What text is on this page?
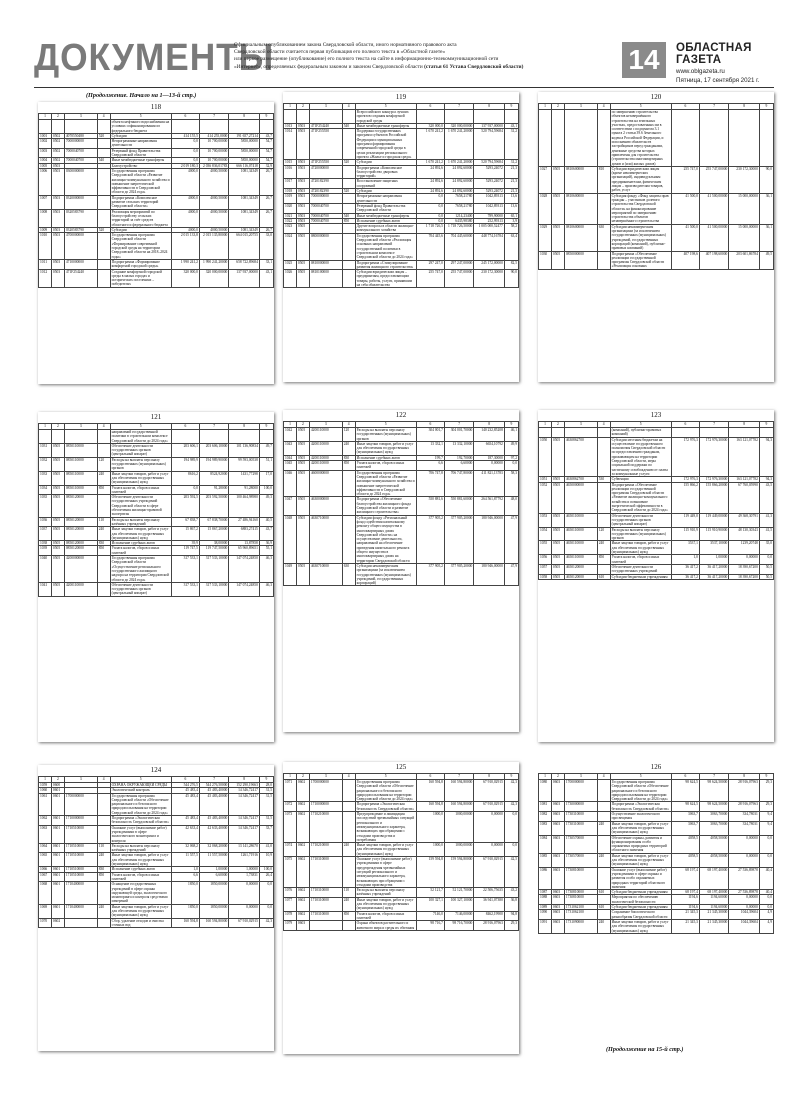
ДОКУМЕНТЫ
Официальным опубликованием закона Свердловской области, иного нормативного правового акта
Свердловской области считается первая публикация его полного текста в «Областной газете»
или первое размещение (опубликование) его полного текста на сайте в информационно-телекоммуникационной сети
«Интернет», определяемых федеральным законом и законом Свердловской области (статья 61 Устава Свердловской области)	14	ОБЛАСТНАЯ ГАЗЕТА
www.oblgazeta.ru
Пятница, 17 сентября 2021 г.
(Продолжение. Начало на 1—13-й стр.)
118
1	2	3	4	5	6	7	8	9
				объекта нефтяного водоснабжения на условиях софинансирования из федерального бюджета				
1001	0502	4070550480	520	Субсидии	414 155,5	414 255,0000	191 657,27214	43,7
1002	0502	7000000000		Непрограммные направления деятельности	0,0	10 700,00000	5850,00000	54,7
1003	0502	7000040700		Резервный фонд Правительства Свердловской области	0,0	10 700,00000	5850,00000	54,7
1004	0502	7000040700	540	Иные межбюджетные трансферты	0,0	10 700,00000	5850,00000	54,7
1005	0503			Благоустройство	2 019 180,3	2 036 836,01783	666 116,07418	32,9
1006	0503	0300000000		Государственная программа Свердловской области «Развитие жилищно-коммунального хозяйства и повышение энергетической эффективности в Свердловской области до 2024 года»	4000,0	4000,50000	1081,34349	26,7
1007	0503	0320000000		Подпрограмма «Комплексное развитие сельских территорий Свердловской области»	4000,0	4000,50000	1081,34349	26,7
1008	0503	0320583790		Реализация мероприятий по благоустройству сельских территорий за счёт средств областного и федерального бюджета	4000,0	4000,50000	1081,34349	26,7
1009	0503	0320583790	520	Субсидии	4000,0	4000,50000	1081,34349	26,7
1010	0503	4700000000		Государственная программа Свердловской области «Формирование современной городской среды на территории Свердловской области на 2018–2024 годы»	2 015 133,8	2 015 135,80000	664 015,20755	33,0
1011	0503	4710000000		Подпрограмма «Формирование комфортной городской среды»	1 990 241,2	1 990 241,20000	658 722,89684	33,1
1012	0503	471F254240		Создание комфортной городской среды в малых городах и исторических поселениях – победителях	320 000,0	320 000,00000	137 937,00000	43,1
119
1	2	3	4	5	6	7	8	9
				Всероссийского конкурса лучших проектов создания комфортной городской среды				
1013	0503	471F254240	540	Иные межбюджетные трансферты	320 000,0	320 000,00000	137 937,00000	43,1
1014	0503	471F255550		Поддержка государственных программ субъектов Российской Федерации и муниципальных программ формирования современной городской среды в целях реализации регионального проекта «Жилье и городская среда»	1 670 241,2	1 670 241,20000	520 794,59684	31,2
1015	0503	471F255550	520	Субсидии	1 670 241,2	1 670 241,20000	520 794,59684	31,2
1016	0503	4720000000		Подпрограмма «Комплексное благоустройство дворовых территорий»	24 892,6	24 892,60000	5293,24072	21,3
1017	0503	4720182390		Восстановление защитных сооружений	24 892,6	24 892,60000	5293,24072	21,3
1018	0503	4720182390	520	Субсидии	24 892,6	24 892,60000	5293,24072	21,3
1019	0503	7000000000		Непрограммные направления деятельности	0,0	7658,21780	1042,89313	13,6
1020	0503	7000040700		Резервный фонд Правительства Свердловской области	0,0	7658,21780	1042,89313	13,6
1021	0503	7000040700	540	Иные межбюджетные трансферты	0,0	1214,23400	789,90000	65,1
1022	0503	7000040700	850	Исполнение судебных актов	0,0	6435,98380	252,99313	3,9
1023	0505			Другие вопросы в области жилищно-коммунального хозяйства	1 718 726,5	1 718 726,50000	1 005 000,52477	58,2
1024	0505	0800000000		Государственная программа Свердловской области «Реализация основных направлений государственной политики в строительном комплексе Свердловской области до 2024 года»	704 445,6	704 445,60000	448 774,16784	63,4
1025	0505	0810000000		Подпрограмма «Стимулирование развития жилищного строительства»	297 247,0	297 247,00000	245 172,00000	82,5
1026	0505	0810100000		Субсидии юридическим лицам – предприятиям, предоставляющим товары, работы, услуги, принявшим на себя обязательства	255 747,0	255 747,00000	230 172,30000	90,0
120
1	2	3	4	5	6	7	8	9
				по завершению строительства объектов незавершённого строительства на земельных участках, предоставленных им в соответствии с подпунктом 3.1 пункта 2 статьи 39.6 Земельного кодекса Российской Федерации, и исполнению обязательств застройщиков перед гражданами, денежные средства которых привлечены для строительства (строительства многоквартирных домов и (или) жилых домов)				
1027	0505	0810600000	810	Субсидии юридическим лицам (кроме некоммерческих организаций), индивидуальным предпринимателям, физическим лицам – производителям товаров, работ, услуг	255 747,0	255 747,00000	230 172,30000	90,0
1028	0505	0810600000		Субсидия фонду «Фонд защиты прав граждан – участников долевого строительства Свердловской области» на финансирование мероприятий по завершению строительства объектов незавершённого строительства	41 500,0	41 500,00000	15 000,00000	36,1
1029	0505	0810600000	630	Субсидии некоммерческим организациям (за исключением государственных (муниципальных) учреждений, государственных корпораций (компаний), публично-правовых компаний)	41 500,0	41 500,00000	15 000,00000	36,1
1030	0505	0850000000		Подпрограмма «Обеспечение реализации государственной программы Свердловской области «Реализация основных	407 198,6	407 198,60000	203 601,86784	49,5
121
1	2	3	4	5	6	7	8	9
				направлений государственной политики в строительном комплексе Свердловской области до 2024 года»				
1031	0505	0850110000		Обеспечение деятельности государственных органов (центральный аппарат)	203 606,1	203 606,10000	101 136,90834	49,7
1032	0505	0850110000	120	Расходы на выплаты персоналу государственных (муниципальных) органов	194 989,9	194 989,90000	99 593,00538	51,1
1033	0505	0850110000	240	Иные закупки товаров, работ и услуг для обеспечения государственных (муниципальных) нужд	8616,2	8524,92000	1431,77298	17,0
1034	0505	0850110000	850	Уплата налогов, сборов и иных платежей	0,0	91,28000	91,28000	100,0
1035	0505	0850120000		Обеспечение деятельности государственных учреждений Свердловской области в сфере обеспечения жилищно-правовой экспертизы	203 592,5	203 592,50000	100 464,98980	49,3
1036	0505	0850120000	110	Расходы на выплаты персоналу казённых учреждений	67 838,7	67 838,70000	27 486,94160	40,5
1037	0505	0850120000	240	Иные закупки товаров, работ и услуг для обеспечения государственных (муниципальных) нужд	15 867,2	15 867,20000	6883,27415	43,7
1038	0505	0850120000	830	Исполнение судебных актов	39,9	38,00000	13,87858	36,9
1039	0505	0850120000	850	Уплата налогов, сборов и иных платежей	119 747,5	119 747,50000	65 960,89651	55,1
1040	0505	4200000000		Государственная программа Свердловской области «Осуществление регионального государственного жилищного надзора на территории Свердловской области до 2024 года»	317 533,1	317 533,10000	147 074,24850	46,3
1041	0505	4200110000		Обеспечение деятельности государственных органов (центральный аппарат)	317 533,1	317 533,10000	147 074,24850	46,3
122
1	2	3	4	5	6	7	8	9
1042	0505	4200110000	120	Расходы на выплаты персоналу государственных (муниципальных) органов	304 001,7	304 001,70000	140 232,85208	46,1
1043	0505	4200110000	240	Иные закупки товаров, работ и услуг для обеспечения государственных (муниципальных) нужд	13 332,1	13 332,10000	6654,10792	49,9
1044	0505	4200110000	830	Исполнение судебных актов	199,7	192,70000	187,30000	97,2
1045	0505	4200110000	850	Уплата налогов, сборов и иных платежей	6,6	6,60000	0,00000	0,0
1046	0505	4600000000		Государственная программа Свердловской области «Развитие жилищно-коммунального хозяйства и повышение энергетической эффективности в Свердловской области до 2024 года»	706 747,8	706 747,80000	411 821,13783	58,3
1047	0505	4630000000		Подпрограмма «Обеспечение благоустройства жилищного фонда Свердловской области и развитие жилищного строительства»	550 881,6	550 881,60000	264 561,87792	48,0
1048	0505	4630710000		Субсидии фонду «Региональный фонд содействия капитальному ремонту общего имущества в многоквартирных домах Свердловской области» на осуществление деятельности, направленной на обеспечение проведения капитального ремонта общего имущества в многоквартирных домах на территории Свердловской области	377 905,2	377 905,20000	180 946,00000	47,9
1049	0505	4630710000	630	Субсидии некоммерческим организациям (за исключением государственных (муниципальных) учреждений, государственных корпораций)	377 905,2	377 905,20000	180 946,00000	47,9
123
1	2	3	4	5	6	7	8	9
				(компаний), публично-правовых компаний)				
1050	0505	4630862700		Субсидии местным бюджетам на осуществление государственного полномочия Свердловской области по предоставлению гражданам, проживающим на территории Свердловской области, меры социальной поддержки по частичному освобождению от платы за коммунальные услуги	172 976,3	172 976,30000	163 121,07782	94,3
1051	0505	4630862700	530	Субвенции	172 976,3	172 976,30000	163 121,07782	94,3
1052	0505	4650000000		Подпрограмма «Обеспечение реализации государственной программы Свердловской области «Развитие жилищно-коммунального хозяйства и повышение энергетической эффективности в Свердловской области до 2024 года»	155 866,2	155 866,20000	67 760,05990	43,5
1053	0505	4650110000		Обеспечение деятельности государственных органов (центральный аппарат)	119 449,0	119 449,00000	49 368,30791	41,3
1054	0505	4650110000	120	Расходы на выплаты персоналу государственных (муниципальных) органов	115 910,9	115 910,90000	48 130,30343	41,5
1055	0505	4650110000	240	Иные закупки товаров, работ и услуг для обеспечения государственных (муниципальных) нужд	3537,1	3537,10000	1239,20748	35,0
1056	0505	4650110000	850	Уплата налогов, сборов и иных платежей	1,0	1,00000	0,00000	0,0
1057	0505	4650120000		Обеспечение деятельности государственных учреждений	36 417,2	36 417,20000	18 390,67200	50,5
1058	0505	4650120000	610	Субсидии бюджетным учреждениям	36 417,2	36 417,20000	18 390,67200	50,5
124
1	2	3	4	5	6	7	8	9
1059	0600			ОХРАНА ОКРУЖАЮЩЕЙ СРЕДЫ	544 276,5	544 276,50000	152 290,19663	28,0
1060	0601			Экологический контроль	45 483,4	45 483,40000	14 346,72417	31,5
1061	0601	1700000000		Государственная программа Свердловской области «Обеспечение рационального и безопасного природопользования на территории Свердловской области до 2024 года»	45 483,4	45 483,40000	14 346,72417	31,5
1062	0601	1710000000		Подпрограмма «Экологическая безопасность Свердловской области»	45 483,4	45 483,40000	14 346,72417	31,5
1063	0601	1710510000		Оказание услуг (выполнение работ) учреждениями в сфере экологического мониторинга и контроля	42 633,4	42 633,40000	14 346,72417	33,7
1064	0601	1710510000	110	Расходы на выплаты персоналу казённых учреждений	32 068,2	32 068,20000	13 141,28670	41,0
1065	0601	1710510000	240	Иные закупки товаров, работ и услуг для обеспечения государственных (муниципальных) нужд	11 557,5	11 557,50000	1261,71916	10,9
1066	0601	1710510000	830	Исполнение судебных актов	1,0	1,00000	1,00000	100,0
1067	0601	1710510000	850	Уплата налогов, сборов и иных платежей	6,6	6,60000	1,73831	26,4
1068	0601	1710400000		Оснащение государственных учреждений в сфере охраны окружающей среды, экологического мониторинга и контроля средствами измерений	1850,0	1850,00000	0,00000	0,0
1069	0601	1710400000	240	Иные закупки товаров, работ и услуг для обеспечения государственных (муниципальных) нужд	1850,0	1850,00000	0,00000	0,0
1070	0602			Сбор, удаление отходов и очистка сточных вод	160 594,8	160 594,80000	67 910,02915	42,3
125
1	2	3	4	5	6	7	8	9
1071	0602	1700000000		Государственная программа Свердловской области «Обеспечение рационального и безопасного природопользования на территории Свердловской области до 2024 года»	160 594,8	160 594,80000	67 910,02915	42,3
1072	0602	1710000000		Подпрограмма «Экологическая безопасность Свердловской области»	160 594,8	160 594,80000	67 910,02915	42,3
1073	0602	1710210000		Предупреждение и ликвидация последствий чрезвычайных ситуаций регионального и межмуниципального характера, возникающих при обращении с отходами производства и потребления	1000,0	1000,00000	0,00000	0,0
1074	0602	1710210000	240	Иные закупки товаров, работ и услуг для обеспечения государственных (муниципальных) нужд	1000,0	1000,00000	0,00000	0,0
1075	0602	1710310000		Оказание услуг (выполнение работ) учреждениями в сфере предупреждения чрезвычайных ситуаций регионального и межмуниципального характера, возникающих при обращении с отходами производства	159 594,8	159 594,80000	67 910,02915	42,5
1076	0602	1710310000	110	Расходы на выплаты персоналу казённых учреждений	52 121,7	52 121,70000	22 506,75635	43,2
1077	0602	1710310000	240	Иные закупки товаров, работ и услуг для обеспечения государственных (муниципальных) нужд	100 327,1	100 327,10000	36 941,07380	36,8
1078	0602	1710310000	850	Уплата налогов, сборов и иных платежей	7146,0	7146,00000	8462,19900	94,8
1079	0603			Охрана объектов растительного и животного мира и среды их обитания	98 716,7	98 716,70000	28 916,07963	29,3
126
1	2	3	4	5	6	7	8	9
1080	0603	1700000000		Государственная программа Свердловской области «Обеспечение рационального и безопасного природопользования на территории Свердловской области до 2024 года»	98 624,5	98 624,50000	28 916,07963	29,3
1081	0603	1730000000		Подпрограмма «Экологическая безопасность Свердловской области»	98 624,5	98 624,50000	28 916,07963	29,3
1082	0603	1730310000		Осуществление экологического просвещения	3063,7	3063,70000	334,78031	9,4
1083	0603	1730310000	240	Иные закупки товаров, работ и услуг для обеспечения государственных (муниципальных) нужд	3063,7	3063,70000	334,78031	9,4
1084	0603	1730570000		Обеспечение охраны, развития и функционирования особо охраняемых природных территорий областного значения	4058,5	4058,50000	0,00000	0,0
1085	0603	1730570000	240	Иные закупки товаров, работ и услуг для обеспечения государственных (муниципальных) нужд	4058,5	4058,50000	0,00000	0,0
1086	0603	1730810000		Оказание услуг (выполнение работ) учреждениями в сфере охраны и развития особо охраняемых природных территорий областного значения	68 197,4	68 197,40000	27 536,89878	40,4
1087	0603	1730810000	610	Субсидии бюджетным учреждениям	68 197,4	68 197,40000	27 536,89878	40,4
1088	0603	1730810000		Мероприятия по обеспечению экологической безопасности	1194,6	1194,60000	0,00000	0,0
1089	0603	1731062100	610	Субсидии бюджетным учреждениям	1194,6	1194,60000	0,00000	0,0
1090	0603	1731062100		Сохранение биологического разнообразия Свердловской области	21 345,3	21 345,30000	1044,39604	4,9
1091	0603	1731090000	240	Иные закупки товаров, работ и услуг для обеспечения государственных (муниципальных) нужд	21 345,3	21 345,30000	1044,39604	4,9
(Продолжение на 15-й стр.)
